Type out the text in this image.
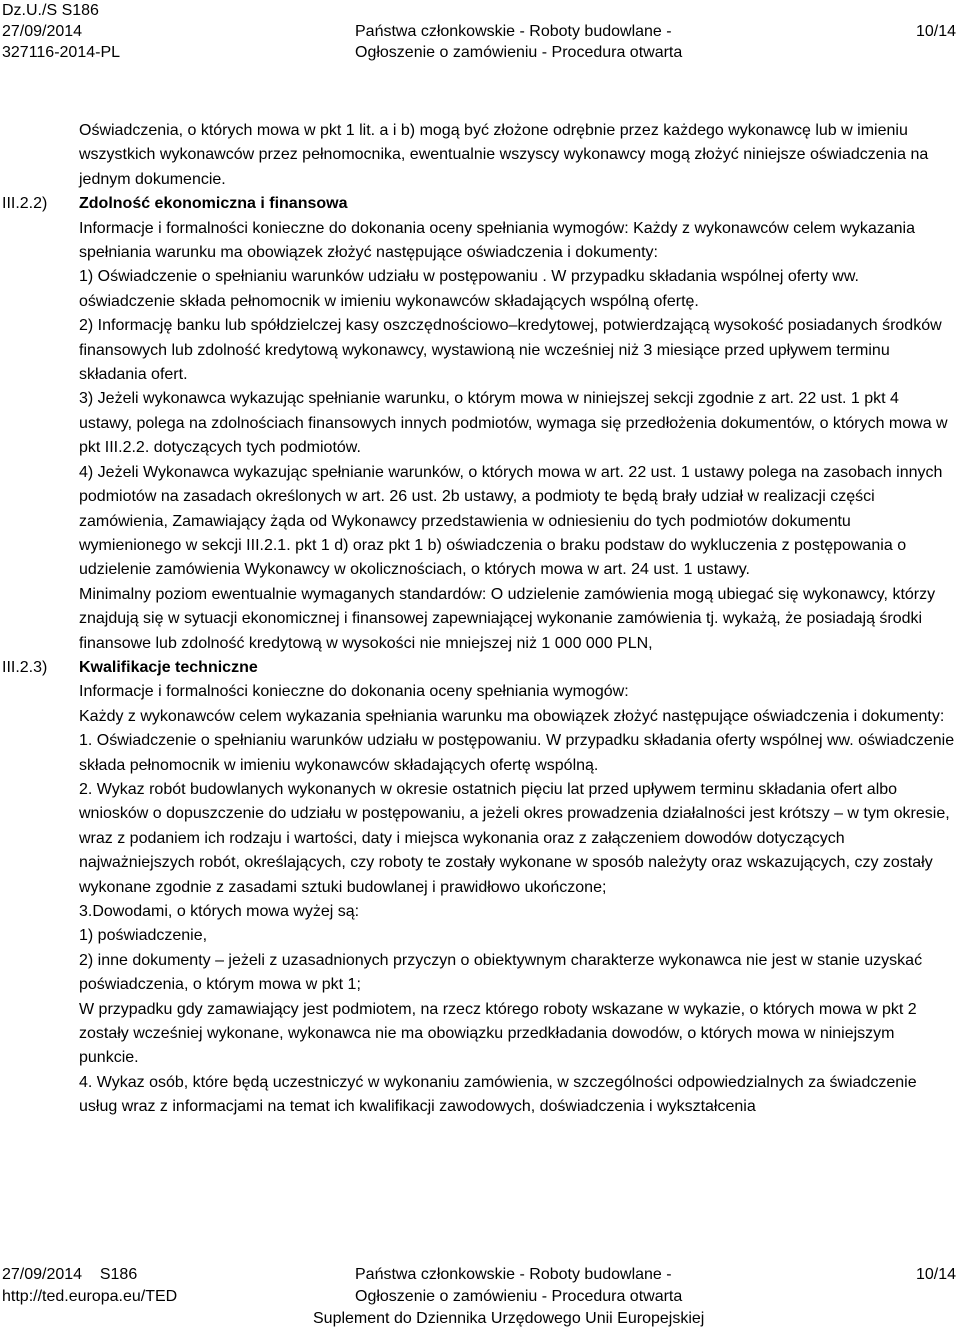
Dz.U./S S186
27/09/2014
327116-2014-PL
Państwa członkowskie - Roboty budowlane -
Ogłoszenie o zamówieniu - Procedura otwarta
10/14

Oświadczenia, o których mowa w pkt 1 lit. a i b) mogą być złożone odrębnie przez każdego wykonawcę lub w imieniu wszystkich wykonawców przez pełnomocnika, ewentualnie wszyscy wykonawcy mogą złożyć niniejsze oświadczenia na jednym dokumencie.

III.2.2)	Zdolność ekonomiczna i finansowa

Informacje i formalności konieczne do dokonania oceny spełniania wymogów: Każdy z wykonawców celem wykazania spełniania warunku ma obowiązek złożyć następujące oświadczenia i dokumenty:

1) Oświadczenie o spełnianiu warunków udziału w postępowaniu . W przypadku składania wspólnej oferty ww. oświadczenie składa pełnomocnik w imieniu wykonawców składających wspólną ofertę.

2) Informację banku lub spółdzielczej kasy oszczędnościowo–kredytowej, potwierdzającą wysokość posiadanych środków finansowych lub zdolność kredytową wykonawcy, wystawioną nie wcześniej niż 3 miesiące przed upływem terminu składania ofert.

3) Jeżeli wykonawca wykazując spełnianie warunku, o którym mowa w niniejszej sekcji zgodnie z art. 22 ust. 1 pkt 4 ustawy, polega na zdolnościach finansowych innych podmiotów, wymaga się przedłożenia dokumentów, o których mowa w pkt III.2.2. dotyczących tych podmiotów.

4) Jeżeli Wykonawca wykazując spełnianie warunków, o których mowa w art. 22 ust. 1 ustawy polega na zasobach innych podmiotów na zasadach określonych w art. 26 ust. 2b ustawy, a podmioty te będą brały udział w realizacji części zamówienia, Zamawiający żąda od Wykonawcy przedstawienia w odniesieniu do tych podmiotów dokumentu wymienionego w sekcji III.2.1. pkt 1 d) oraz pkt 1 b) oświadczenia o braku podstaw do wykluczenia z postępowania o udzielenie zamówienia Wykonawcy w okolicznościach, o których mowa w art. 24 ust. 1 ustawy.

Minimalny poziom ewentualnie wymaganych standardów: O udzielenie zamówienia mogą ubiegać się wykonawcy, którzy znajdują się w sytuacji ekonomicznej i finansowej zapewniającej wykonanie zamówienia tj. wykażą, że posiadają środki finansowe lub zdolność kredytową w wysokości nie mniejszej niż 1 000 000 PLN,

III.2.3)	Kwalifikacje techniczne

Informacje i formalności konieczne do dokonania oceny spełniania wymogów:

Każdy z wykonawców celem wykazania spełniania warunku ma obowiązek złożyć następujące oświadczenia i dokumenty:

1. Oświadczenie o spełnianiu warunków udziału w postępowaniu. W przypadku składania oferty wspólnej ww. oświadczenie składa pełnomocnik w imieniu wykonawców składających ofertę wspólną.

2. Wykaz robót budowlanych wykonanych w okresie ostatnich pięciu lat przed upływem terminu składania ofert albo wniosków o dopuszczenie do udziału w postępowaniu, a jeżeli okres prowadzenia działalności jest krótszy – w tym okresie, wraz z podaniem ich rodzaju i wartości, daty i miejsca wykonania oraz z załączeniem dowodów dotyczących najważniejszych robót, określających, czy roboty te zostały wykonane w sposób należyty oraz wskazujących, czy zostały wykonane zgodnie z zasadami sztuki budowlanej i prawidłowo ukończone;

3.Dowodami, o których mowa wyżej są:

1) poświadczenie,

2) inne dokumenty – jeżeli z uzasadnionych przyczyn o obiektywnym charakterze wykonawca nie jest w stanie uzyskać poświadczenia, o którym mowa w pkt 1;

W przypadku gdy zamawiający jest podmiotem, na rzecz którego roboty wskazane w wykazie, o których mowa w pkt 2 zostały wcześniej wykonane, wykonawca nie ma obowiązku przedkładania dowodów, o których mowa w niniejszym punkcie.

4. Wykaz osób, które będą uczestniczyć w wykonaniu zamówienia, w szczególności odpowiedzialnych za świadczenie usług wraz z informacjami na temat ich kwalifikacji zawodowych, doświadczenia i wykształcenia

27/09/2014 S186
http://ted.europa.eu/TED
Państwa członkowskie - Roboty budowlane -
Ogłoszenie o zamówieniu - Procedura otwarta
Suplement do Dziennika Urzędowego Unii Europejskiej
10/14
